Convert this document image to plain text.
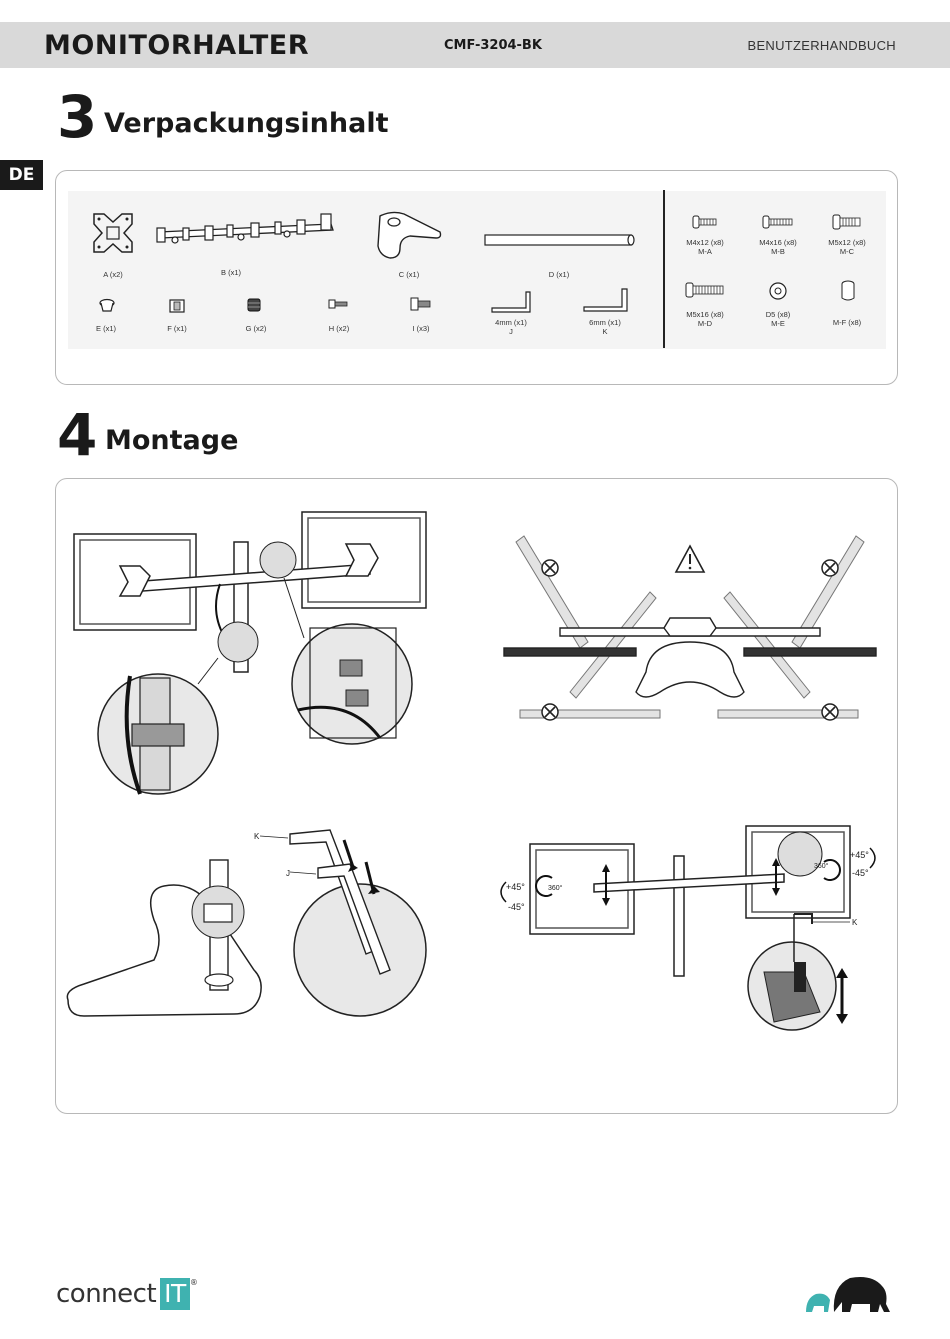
MONITORHALTER	CMF-3204-BK	BENUTZERHANDBUCH
DE
3 Verpackungsinhalt
A (x2)	B (x1)	C (x1)	D (x1)
E (x1)	F (x1)	G (x2)	H (x2)	I (x3)
4mm (x1)
J
6mm (x1)
K
M4x12 (x8)
M-A
M4x16 (x8)
M-B
M5x12 (x8)
M-C
M5x16 (x8)
M-D
D5 (x8)
M-E	M-F (x8)
4 Montage
K
J
+45°
-45°
+45°
-45°
360°
360°
K
connect IT ®
